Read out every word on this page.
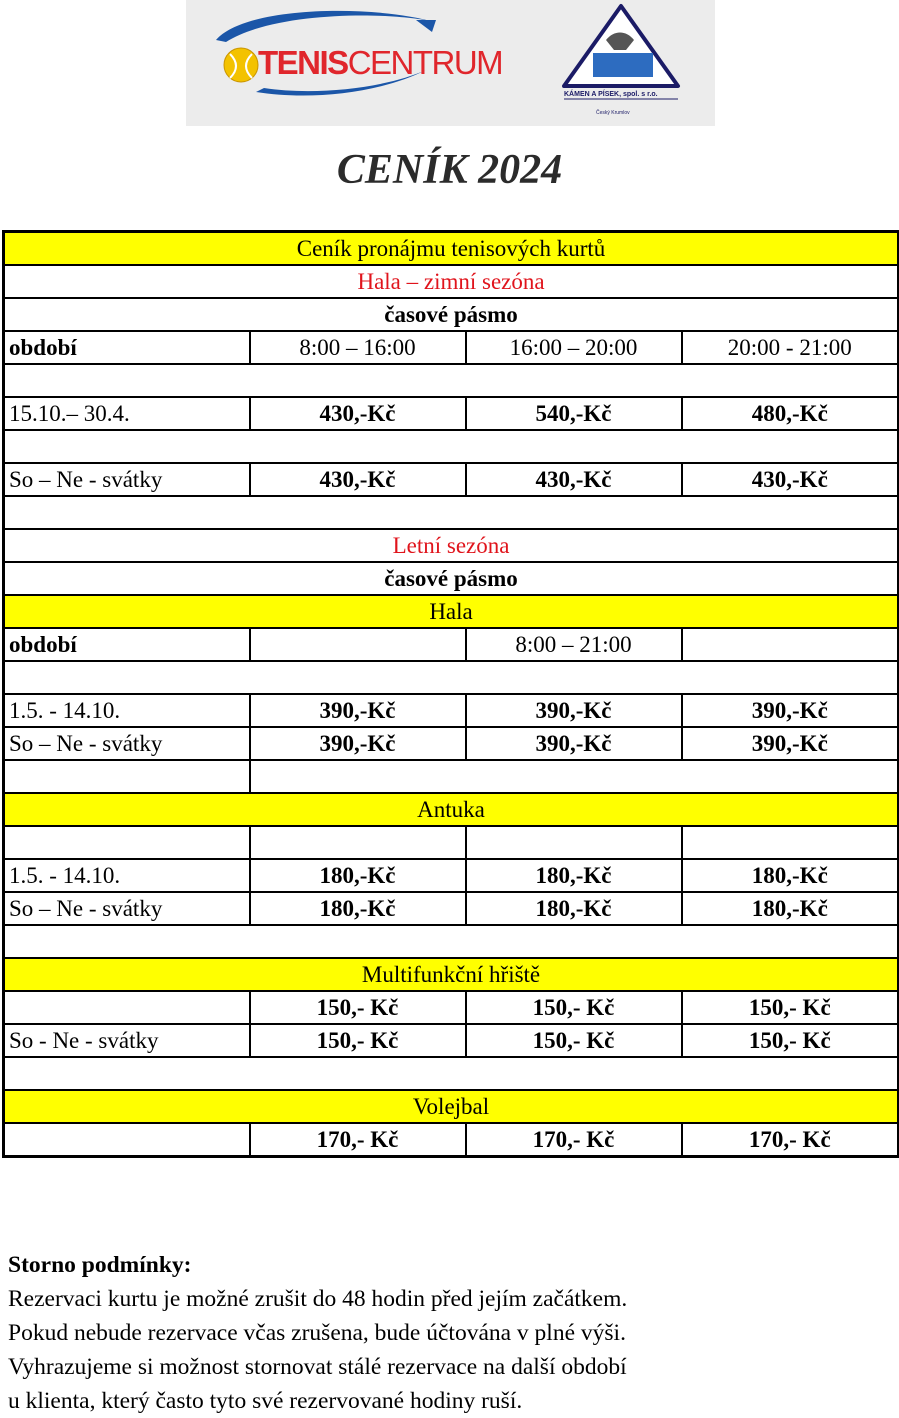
TENISCENTRUM
KÁMEN A PÍSEK, spol. s r.o.
Český Krumlov
CENÍK 2024
Ceník pronájmu tenisových kurtů			
Hala – zimní sezóna			
časové pásmo			
období	8:00 – 16:00	16:00 – 20:00	20:00 - 21:00

15.10.– 30.4.	430,-Kč	540,-Kč	480,-Kč

So – Ne - svátky	430,-Kč	430,-Kč	430,-Kč

Letní sezóna			
časové pásmo			
Hala			
období		8:00 – 21:00	

1.5. - 14.10.	390,-Kč	390,-Kč	390,-Kč
So – Ne - svátky	390,-Kč	390,-Kč	390,-Kč

Antuka			

1.5. - 14.10.	180,-Kč	180,-Kč	180,-Kč
So – Ne - svátky	180,-Kč	180,-Kč	180,-Kč

Multifunkční hřiště			
	150,- Kč	150,- Kč	150,- Kč
So - Ne - svátky	150,- Kč	150,- Kč	150,- Kč

Volejbal			
	170,- Kč	170,- Kč	170,- Kč
Storno podmínky:
Rezervaci kurtu je možné zrušit do 48 hodin před jejím začátkem.
Pokud nebude rezervace včas zrušena, bude účtována v plné výši.
Vyhrazujeme si možnost stornovat stálé rezervace na další období
u klienta, který často tyto své rezervované hodiny ruší.
